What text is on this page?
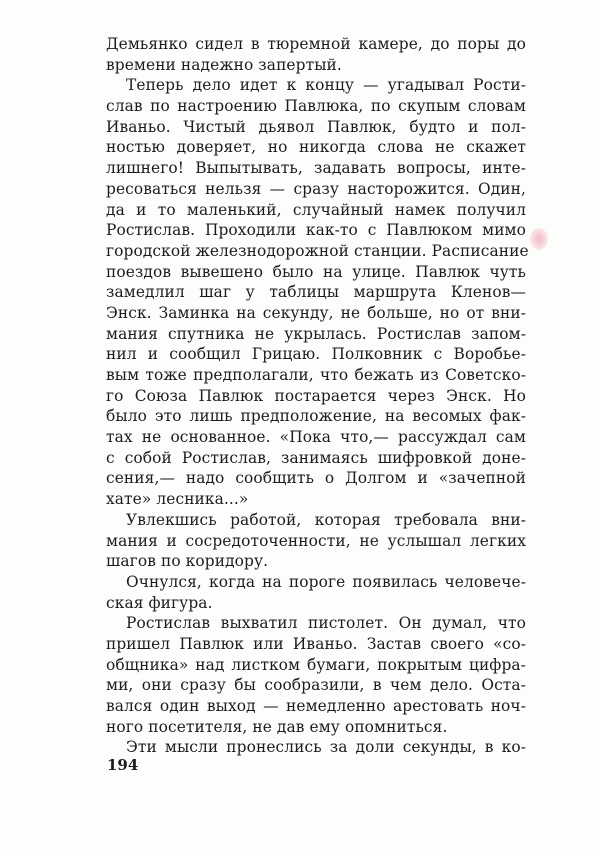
Демьянко сидел в тюремной камере, до поры до
времени надежно запертый.
Теперь дело идет к концу — угадывал Рости-
слав по настроению Павлюка, по скупым словам
Иваньо. Чистый дьявол Павлюк, будто и пол-
ностью доверяет, но никогда слова не скажет
лишнего! Выпытывать, задавать вопросы, инте-
ресоваться нельзя — сразу насторожится. Один,
да и то маленький, случайный намек получил
Ростислав. Проходили как-то с Павлюком мимо
городской железнодорожной станции. Расписание
поездов вывешено было на улице. Павлюк чуть
замедлил шаг у таблицы маршрута Кленов—
Энск. Заминка на секунду, не больше, но от вни-
мания спутника не укрылась. Ростислав запом-
нил и сообщил Грицаю. Полковник с Воробье-
вым тоже предполагали, что бежать из Советско-
го Союза Павлюк постарается через Энск. Но
было это лишь предположение, на весомых фак-
тах не основанное. «Пока что,— рассуждал сам
с собой Ростислав, занимаясь шифровкой доне-
сения,— надо сообщить о Долгом и «зачепной
хате» лесника...»
Увлекшись работой, которая требовала вни-
мания и сосредоточенности, не услышал легких
шагов по коридору.
Очнулся, когда на пороге появилась человече-
ская фигура.
Ростислав выхватил пистолет. Он думал, что
пришел Павлюк или Иваньо. Застав своего «со-
общника» над листком бумаги, покрытым цифра-
ми, они сразу бы сообразили, в чем дело. Оста-
вался один выход — немедленно арестовать ноч-
ного посетителя, не дав ему опомниться.
Эти мысли пронеслись за доли секунды, в ко-
194
